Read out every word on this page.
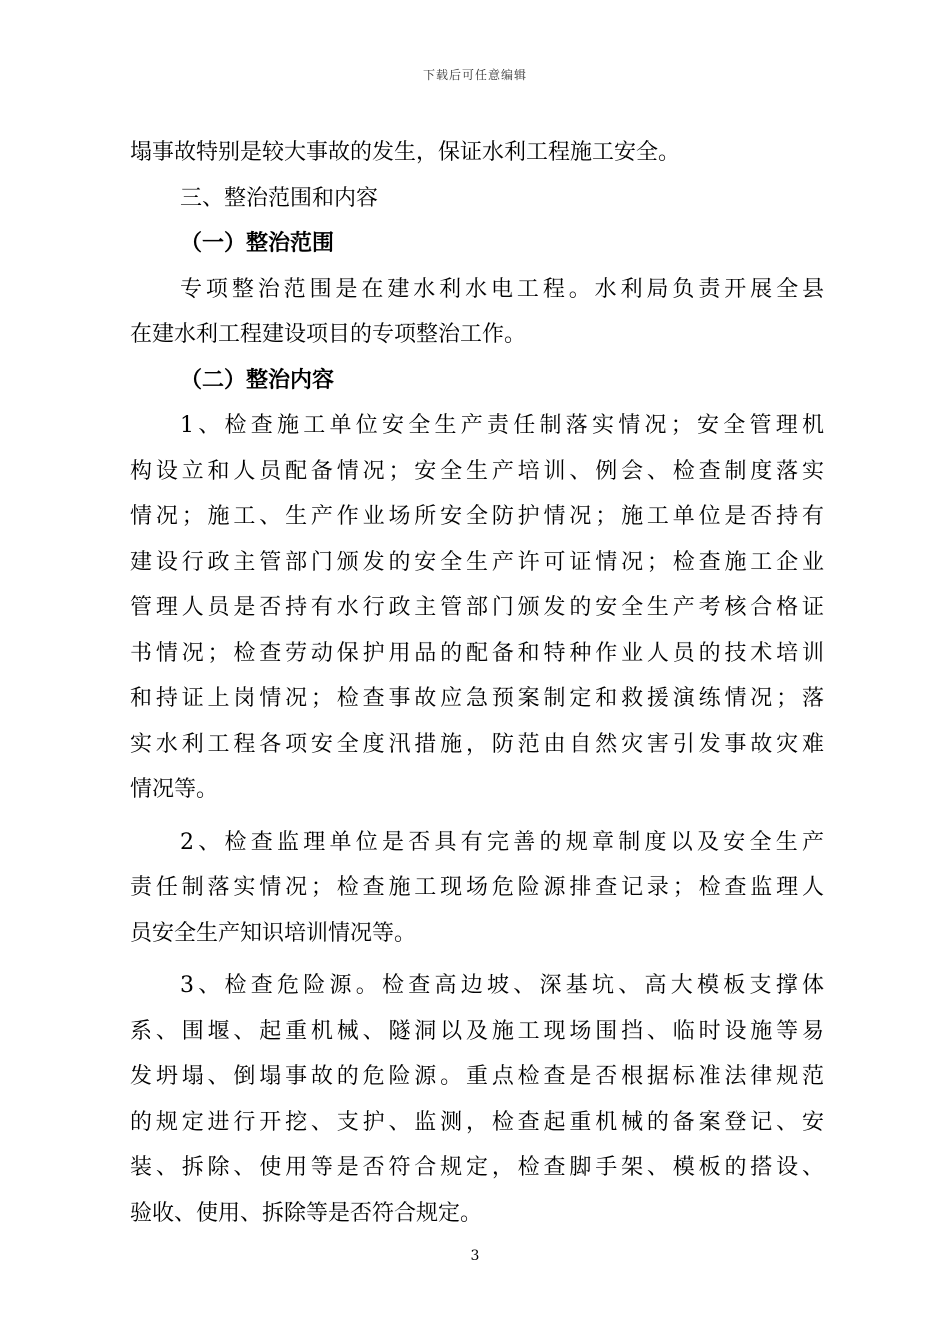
下载后可任意编辑
塌事故特别是较大事故的发生，保证水利工程施工安全。
三、整治范围和内容
（一）整治范围
专项整治范围是在建水利水电工程。水利局负责开展全县
在建水利工程建设项目的专项整治工作。
（二）整治内容
1、检查施工单位安全生产责任制落实情况；安全管理机
构设立和人员配备情况；安全生产培训、例会、检查制度落实
情况；施工、生产作业场所安全防护情况；施工单位是否持有
建设行政主管部门颁发的安全生产许可证情况；检查施工企业
管理人员是否持有水行政主管部门颁发的安全生产考核合格证
书情况；检查劳动保护用品的配备和特种作业人员的技术培训
和持证上岗情况；检查事故应急预案制定和救援演练情况；落
实水利工程各项安全度汛措施，防范由自然灾害引发事故灾难
情况等。
2、检查监理单位是否具有完善的规章制度以及安全生产
责任制落实情况；检查施工现场危险源排查记录；检查监理人
员安全生产知识培训情况等。
3、检查危险源。检查高边坡、深基坑、高大模板支撑体
系、围堰、起重机械、隧洞以及施工现场围挡、临时设施等易
发坍塌、倒塌事故的危险源。重点检查是否根据标准法律规范
的规定进行开挖、支护、监测，检查起重机械的备案登记、安
装、拆除、使用等是否符合规定，检查脚手架、模板的搭设、
验收、使用、拆除等是否符合规定。
3
